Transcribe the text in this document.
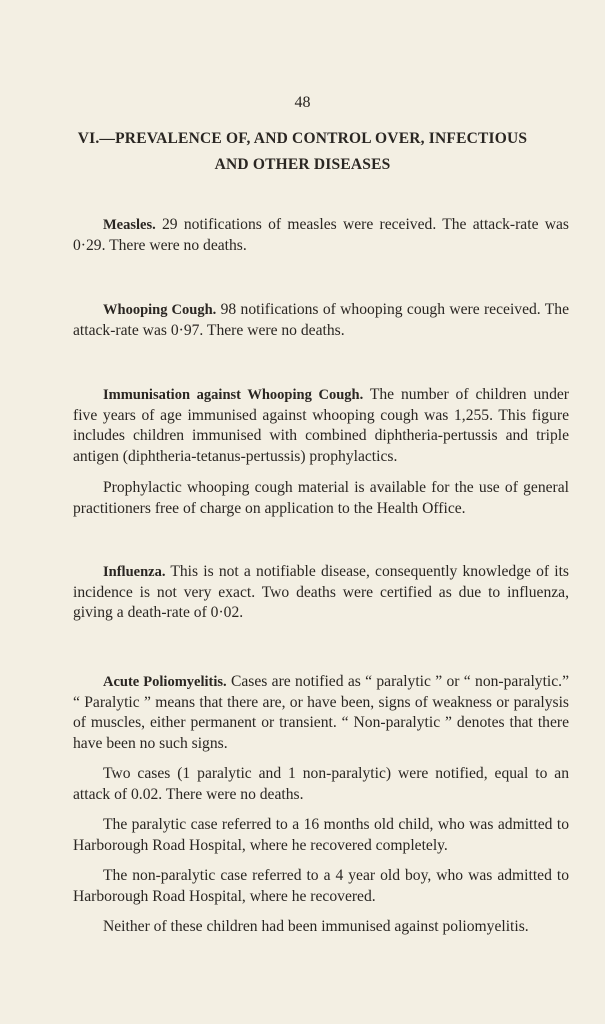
48
VI.—PREVALENCE OF, AND CONTROL OVER, INFECTIOUS
AND OTHER DISEASES

Measles. 29 notifications of measles were received. The attack-rate was 0·29. There were no deaths.

Whooping Cough. 98 notifications of whooping cough were received. The attack-rate was 0·97. There were no deaths.

Immunisation against Whooping Cough. The number of children under five years of age immunised against whooping cough was 1,255. This figure includes children immunised with combined diphtheria-pertussis and triple antigen (diphtheria-tetanus-pertussis) prophylactics.

Prophylactic whooping cough material is available for the use of general practitioners free of charge on application to the Health Office.

Influenza. This is not a notifiable disease, consequently knowledge of its incidence is not very exact. Two deaths were certified as due to influenza, giving a death-rate of 0·02.

Acute Poliomyelitis. Cases are notified as “ paralytic ” or “ non-paralytic.” “ Paralytic ” means that there are, or have been, signs of weakness or paralysis of muscles, either permanent or transient. “ Non-paralytic ” denotes that there have been no such signs.

Two cases (1 paralytic and 1 non-paralytic) were notified, equal to an attack of 0.02. There were no deaths.

The paralytic case referred to a 16 months old child, who was admitted to Harborough Road Hospital, where he recovered completely.

The non-paralytic case referred to a 4 year old boy, who was admitted to Harborough Road Hospital, where he recovered.

Neither of these children had been immunised against poliomyelitis.
